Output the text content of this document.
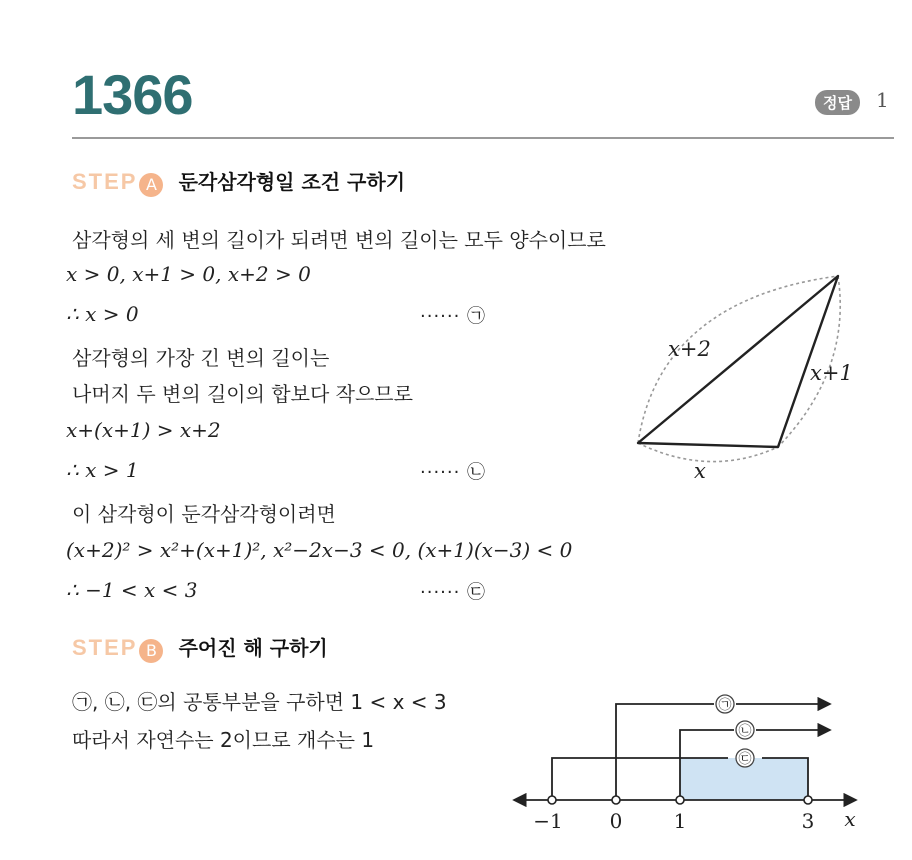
1366	정답	1
STEP A 둔각삼각형일 조건 구하기
삼각형의 세 변의 길이가 되려면 변의 길이는 모두 양수이므로
x > 0, x+1 > 0, x+2 > 0
∴ x > 0	······ ㉠
삼각형의 가장 긴 변의 길이는
나머지 두 변의 길이의 합보다 작으므로
x+(x+1) > x+2
∴ x > 1	······ ㉡
이 삼각형이 둔각삼각형이려면
(x+2)² > x²+(x+1)², x²−2x−3 < 0, (x+1)(x−3) < 0
∴ −1 < x < 3	······ ㉢
x+2
x+1
x
STEP B 주어진 해 구하기
㉠, ㉡, ㉢의 공통부분을 구하면 1 < x < 3
따라서 자연수는 2이므로 개수는 1
㉢
㉠
㉡
−1 0	1	3 x
